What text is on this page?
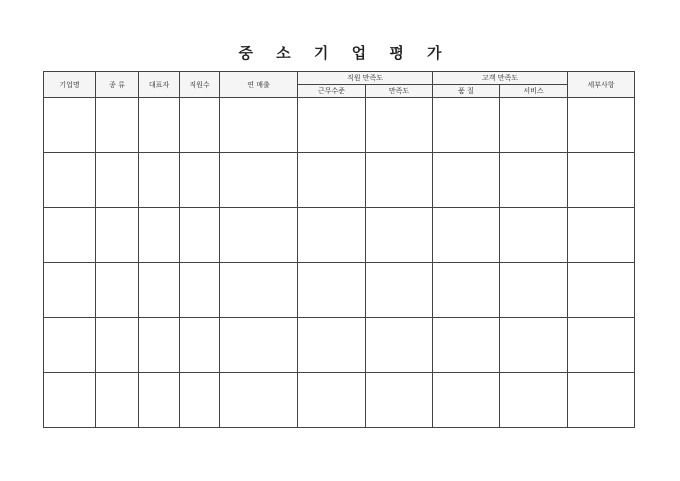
중 소 기 업 평 가
기업명	종 류	대표자	직원수	연 매출	직원 만족도		고객 만족도		세부사항
					근무수준	만족도	품 질	서비스	
